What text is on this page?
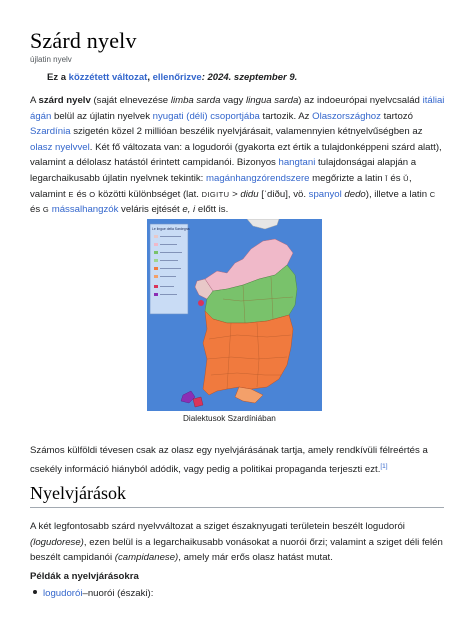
Szárd nyelv
újlatin nyelv
Ez a közzétett változat, ellenőrizve: 2024. szeptember 9.
A szárd nyelv (saját elnevezése limba sarda vagy lingua sarda) az indoeurópai nyelvcsalád itáliai ágán belül az újlatin nyelvek nyugati (déli) csoportjába tartozik. Az Olaszországhoz tartozó Szardínia szigetén közel 2 millióan beszélik nyelvjárásait, valamennyien kétnyelvűségben az olasz nyelvvel. Két fő változata van: a logudorói (gyakorta ezt értik a tulajdonképpeni szárd alatt), valamint a délolasz hatástól érintett campidanói. Bizonyos hangtani tulajdonságai alapján a legarchaikusabb újlatin nyelvnek tekintik: magánhangzórendszere megőrizte a latin Ī és Ŭ, valamint E és O közötti különbséget (lat. DIGITU > didu [ˈdiðu], vö. spanyol dedo), illetve a latin C és G mássalhangzók veláris ejtését e, i előtt is.
Le lingue della Sardegna
Dialektusok Szardíniában
Számos külföldi tévesen csak az olasz egy nyelvjárásának tartja, amely rendkívüli félreértés a csekély információ hiányból adódik, vagy pedig a politikai propaganda terjeszti ezt.[1]
Nyelvjárások
A két legfontosabb szárd nyelvváltozat a sziget északnyugati területein beszélt logudorói (logudorese), ezen belül is a legarchaikusabb vonásokat a nuorói őrzi; valamint a sziget déli felén beszélt campidanói (campidanese), amely már erős olasz hatást mutat.
Példák a nyelvjárásokra
logudorói–nuorói (északi):
